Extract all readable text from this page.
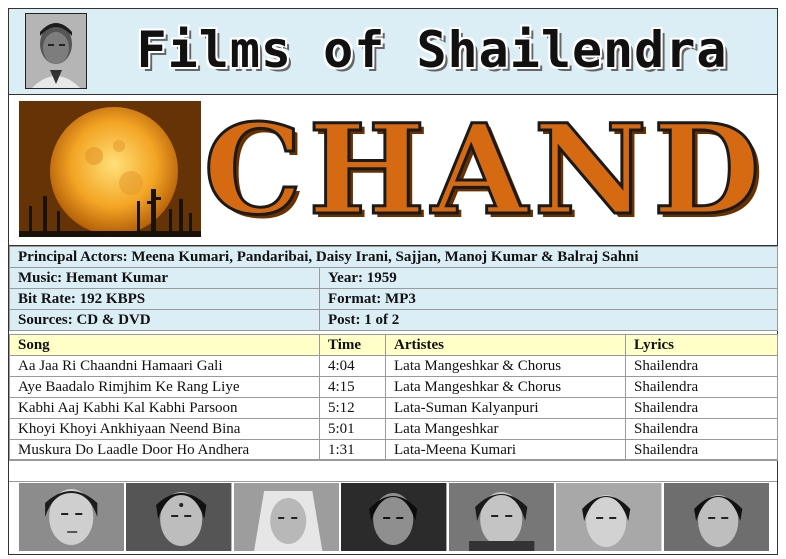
Films of Shailendra
CHAND
Principal Actors: Meena Kumari, Pandaribai, Daisy Irani, Sajjan, Manoj Kumar & Balraj Sahni	
Music: Hemant Kumar	Year: 1959
Bit Rate: 192 KBPS	Format: MP3
Sources: CD & DVD	Post: 1 of 2
Song	Time	Artistes	Lyrics
Aa Jaa Ri Chaandni Hamaari Gali	4:04	Lata Mangeshkar & Chorus	Shailendra
Aye Baadalo Rimjhim Ke Rang Liye	4:15	Lata Mangeshkar & Chorus	Shailendra
Kabhi Aaj Kabhi Kal Kabhi Parsoon	5:12	Lata-Suman Kalyanpuri	Shailendra
Khoyi Khoyi Ankhiyaan Neend Bina	5:01	Lata Mangeshkar	Shailendra
Muskura Do Laadle Door Ho Andhera	1:31	Lata-Meena Kumari	Shailendra
